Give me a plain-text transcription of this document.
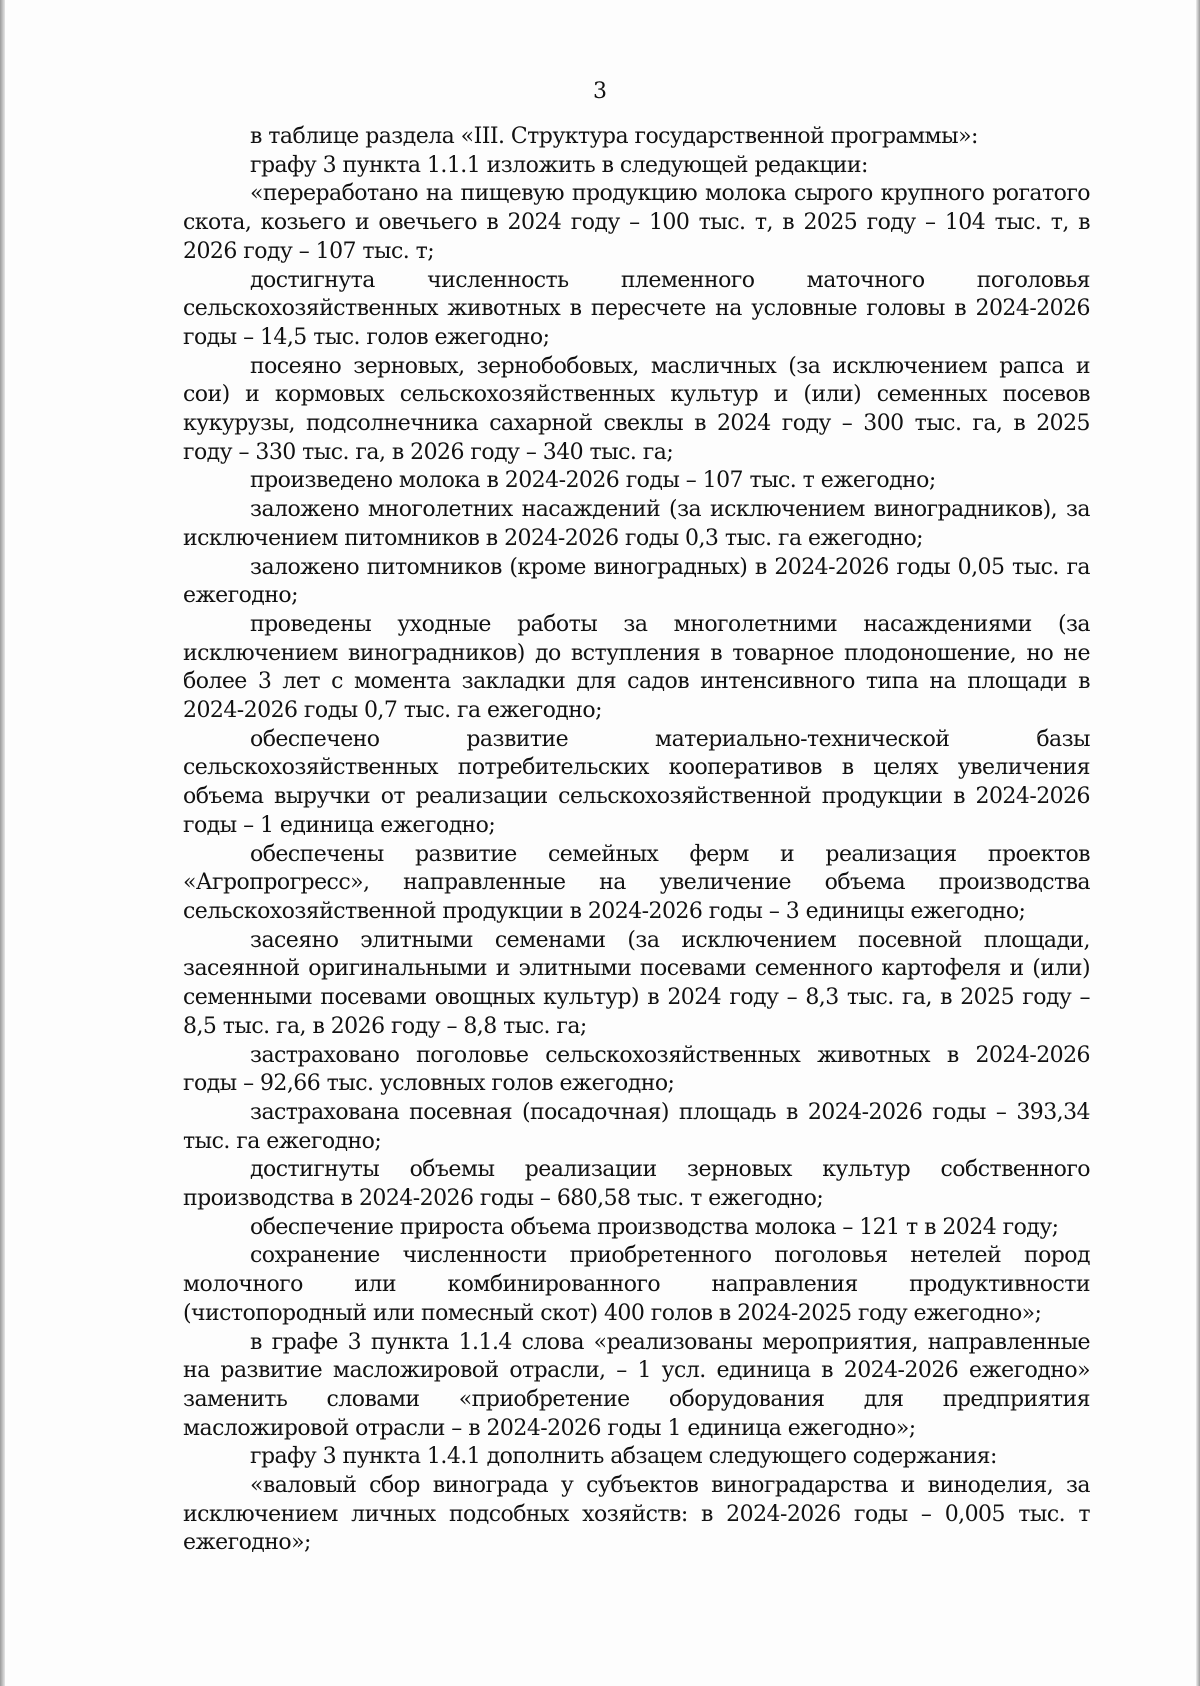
3

в таблице раздела «III. Структура государственной программы»:

графу 3 пункта 1.1.1 изложить в следующей редакции:

«переработано на пищевую продукцию молока сырого крупного рогатого скота, козьего и овечьего в 2024 году – 100 тыс. т, в 2025 году – 104 тыс. т, в 2026 году – 107 тыс. т;

достигнута численность племенного маточного поголовья сельскохозяйственных животных в пересчете на условные головы в 2024-2026 годы – 14,5 тыс. голов ежегодно;

посеяно зерновых, зернобобовых, масличных (за исключением рапса и сои) и кормовых сельскохозяйственных культур и (или) семенных посевов кукурузы, подсолнечника сахарной свеклы в 2024 году – 300 тыс. га, в 2025 году – 330 тыс. га, в 2026 году – 340 тыс. га;

произведено молока в 2024-2026 годы – 107 тыс. т ежегодно;

заложено многолетних насаждений (за исключением виноградников), за исключением питомников в 2024-2026 годы 0,3 тыс. га ежегодно;

заложено питомников (кроме виноградных) в 2024-2026 годы 0,05 тыс. га ежегодно;

проведены уходные работы за многолетними насаждениями (за исключением виноградников) до вступления в товарное плодоношение, но не более 3 лет с момента закладки для садов интенсивного типа на площади в 2024-2026 годы 0,7 тыс. га ежегодно;

обеспечено развитие материально-технической базы сельскохозяйственных потребительских кооперативов в целях увеличения объема выручки от реализации сельскохозяйственной продукции в 2024-2026 годы – 1 единица ежегодно;

обеспечены развитие семейных ферм и реализация проектов «Агропрогресс», направленные на увеличение объема производства сельскохозяйственной продукции в 2024-2026 годы – 3 единицы ежегодно;

засеяно элитными семенами (за исключением посевной площади, засеянной оригинальными и элитными посевами семенного картофеля и (или) семенными посевами овощных культур) в 2024 году – 8,3 тыс. га, в 2025 году – 8,5 тыс. га, в 2026 году – 8,8 тыс. га;

застраховано поголовье сельскохозяйственных животных в 2024-2026 годы – 92,66 тыс. условных голов ежегодно;

застрахована посевная (посадочная) площадь в 2024-2026 годы – 393,34 тыс. га ежегодно;

достигнуты объемы реализации зерновых культур собственного производства в 2024-2026 годы – 680,58 тыс. т ежегодно;

обеспечение прироста объема производства молока – 121 т в 2024 году;

сохранение численности приобретенного поголовья нетелей пород молочного или комбинированного направления продуктивности (чистопородный или помесный скот) 400 голов в 2024-2025 году ежегодно»;

в графе 3 пункта 1.1.4 слова «реализованы мероприятия, направленные на развитие масложировой отрасли, – 1 усл. единица в 2024-2026 ежегодно» заменить словами «приобретение оборудования для предприятия масложировой отрасли – в 2024-2026 годы 1 единица ежегодно»;

графу 3 пункта 1.4.1 дополнить абзацем следующего содержания:

«валовый сбор винограда у субъектов виноградарства и виноделия, за исключением личных подсобных хозяйств: в 2024-2026 годы – 0,005 тыс. т ежегодно»;
